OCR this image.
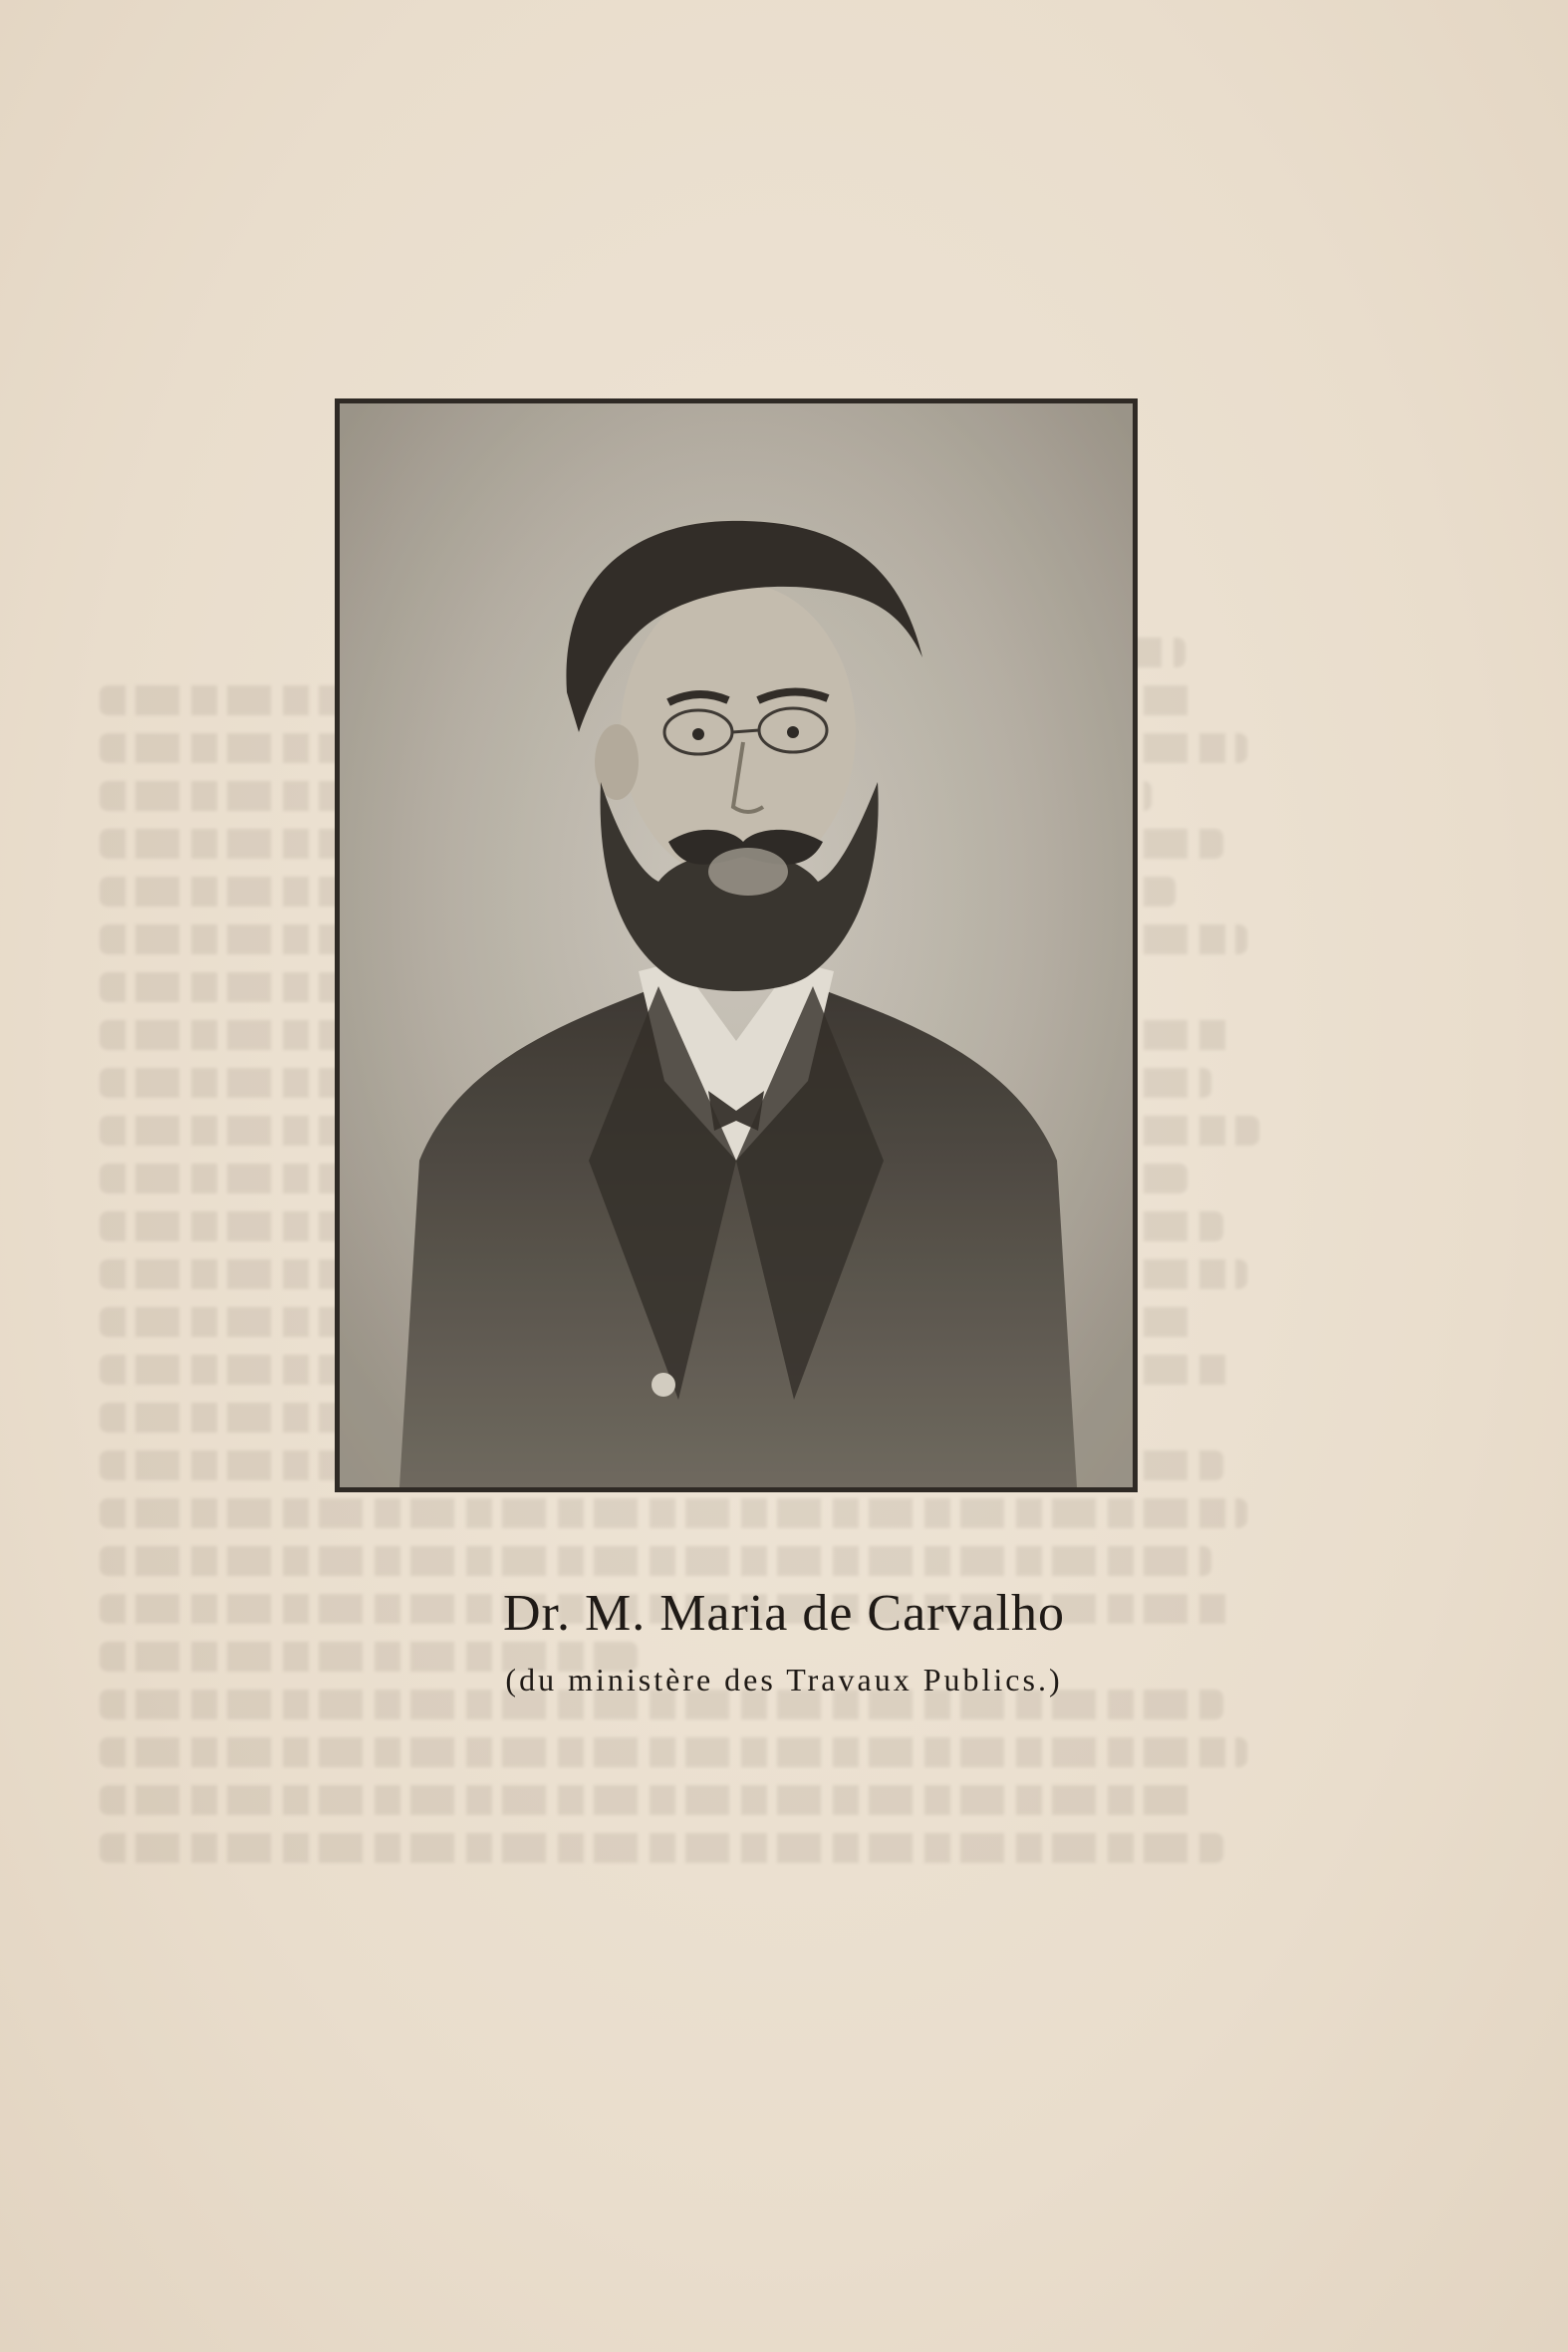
Dr. M. Maria de Carvalho
(du ministère des Travaux Publics.)
